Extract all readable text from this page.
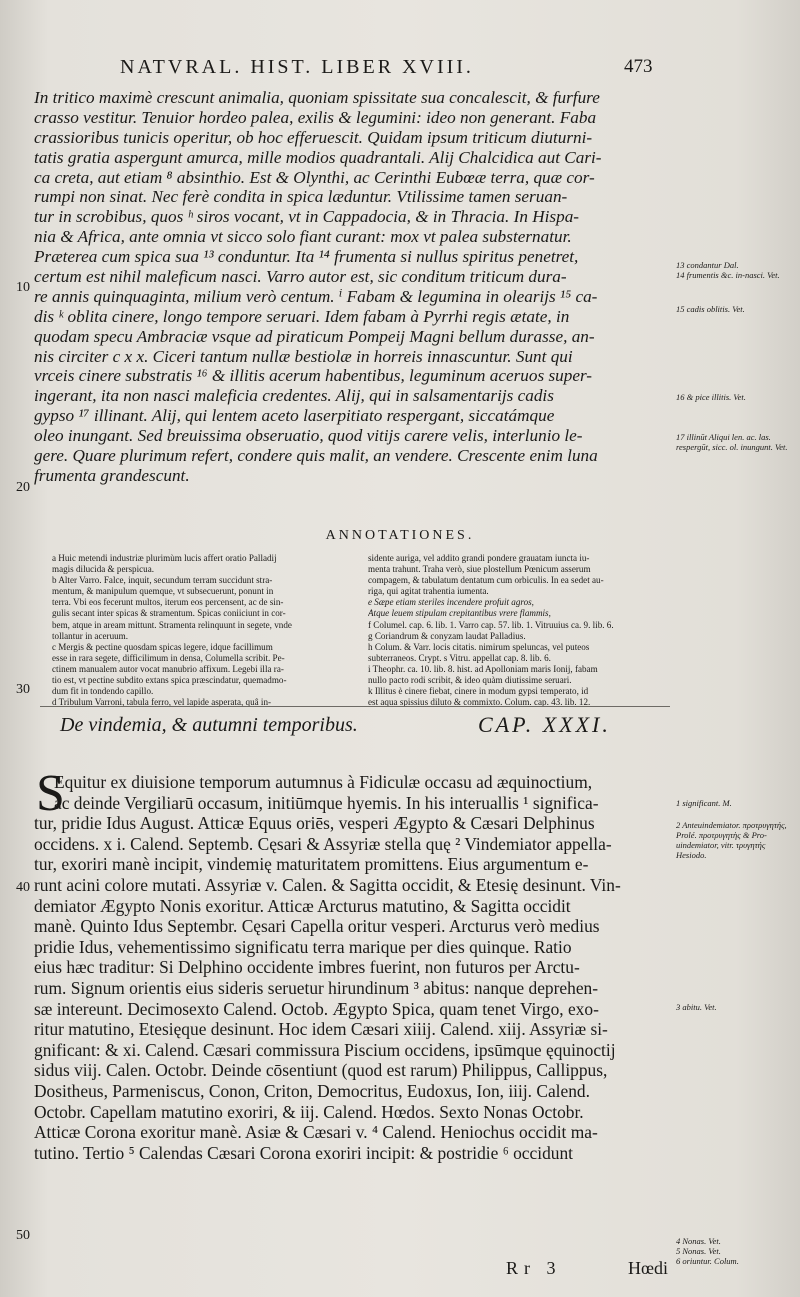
NATVRAL. HIST. LIBER XVIII.	473
In tritico maximè crescunt animalia, quoniam spissitate sua concalescit, & furfure
crasso vestitur. Tenuior hordeo palea, exilis & legumini: ideo non generant. Faba
crassioribus tunicis operitur, ob hoc efferuescit. Quidam ipsum triticum diuturni-
tatis gratia aspergunt amurca, mille modios quadrantali. Alij Chalcidica aut Cari-
ca creta, aut etiam ⁸ absinthio. Est & Olynthi, ac Cerinthi Eubœæ terra, quæ cor-
rumpi non sinat. Nec ferè condita in spica læduntur. Vtilissime tamen seruan-
tur in scrobibus, quos ʰ siros vocant, vt in Cappadocia, & in Thracia. In Hispa-
nia & Africa, ante omnia vt sicco solo fiant curant: mox vt palea substernatur.
Præterea cum spica sua ¹³ conduntur. Ita ¹⁴ frumenta si nullus spiritus penetret,
certum est nihil maleficum nasci. Varro autor est, sic conditum triticum dura-
re annis quinquaginta, milium verò centum. ⁱ Fabam & legumina in olearijs ¹⁵ ca-
dis ᵏ oblita cinere, longo tempore seruari. Idem fabam à Pyrrhi regis ætate, in
quodam specu Ambraciæ vsque ad piraticum Pompeij Magni bellum durasse, an-
nis circiter c x x. Ciceri tantum nullæ bestiolæ in horreis innascuntur. Sunt qui
vrceis cinere substratis ¹⁶ & illitis acerum habentibus, leguminum aceruos super-
ingerant, ita non nasci maleficia credentes. Alij, qui in salsamentarijs cadis
gypso ¹⁷ illinant. Alij, qui lentem aceto laserpitiato respergant, siccatámque
oleo inungant. Sed breuissima obseruatio, quod vitijs carere velis, interlunio le-
gere. Quare plurimum refert, condere quis malit, an vendere. Crescente enim luna
frumenta grandescunt.
10
20
30
40
50
13 condantur Dal.
14 frumentis &c. in-nasci. Vet.
15 cadis oblitis. Vet.
16 & pice illitis. Vet.
17 illinūt Aliqui len. ac. las. respergūt, sicc. ol. inungunt. Vet.
1 significant. M.
2 Anteuindemiator. προτρυγητής, Prolé. προτρυγητὴς & Pro-uindemiator, vitr. τρυγητής Hesiodo.
3 abitu. Vet.
4 Nonas. Vet.
5 Nonas. Vet.
6 oriuntur. Colum.
ANNOTATIONES.
a Huic metendi industriæ plurimùm lucis affert oratio Palladij
magis dilucida & perspicua.
b Alter Varro. Falce, inquit, secundum terram succidunt stra-
mentum, & manipulum quemque, vt subsecuerunt, ponunt in
terra. Vbi eos fecerunt multos, iterum eos percensent, ac de sin-
gulis secant inter spicas & stramentum. Spicas coniiciunt in cor-
bem, atque in aream mittunt. Stramenta relinquunt in segete, vnde
tollantur in aceruum.
c Mergis & pectine quosdam spicas legere, idque facillimum
esse in rara segete, difficilimum in densa, Columella scribit. Pe-
ctinem manualem autor vocat manubrio affixum. Legebi illa ra-
tio est, vt pectine subdito extans spica præscindatur, quemadmo-
dum fit in tondendo capillo.
d Tribulum Varroni, tabula ferro, vel lapide asperata, quâ in-
sidente auriga, vel addito grandi pondere grauatam iuncta iu-
menta trahunt. Traha verò, siue plostellum Pœnicum asserum
compagem, & tabulatum dentatum cum orbiculis. In ea sedet au-
riga, qui agitat trahentia iumenta.
e Sæpe etiam steriles incendere profuit agros,
Atque leuem stipulam crepitantibus vrere flammis,
f Columel. cap. 6. lib. 1. Varro cap. 57. lib. 1. Vitruuius ca. 9. lib. 6.
g Coriandrum & conyzam laudat Palladius.
h Colum. & Varr. locis citatis. nimirum speluncas, vel puteos
subterraneos. Crypt. s Vitru. appellat cap. 8. lib. 6.
i Theophr. ca. 10. lib. 8. hist. ad Apolloniam maris Ionij, fabam
nullo pacto rodi scribit, & ideo quàm diutissime seruari.
k Illitus è cinere fiebat, cinere in modum gypsi temperato, id
est aqua spissius diluto & commixto. Colum. cap. 43. lib. 12.
De vindemia, & autumni temporibus.	CAP. XXXI.
S
Equitur ex diuisione temporum autumnus à Fidiculæ occasu ad æquinoctium,
ac deinde Vergiliarū occasum, initiūmque hyemis. In his interuallis ¹ significa-
tur, pridie Idus August. Atticæ Equus oriēs, vesperi Ægypto & Cæsari Delphinus
occidens. x i. Calend. Septemb. Cęsari & Assyriæ stella quę ² Vindemiator appella-
tur, exoriri manè incipit, vindemię maturitatem promittens. Eius argumentum e-
runt acini colore mutati. Assyriæ v. Calen. & Sagitta occidit, & Etesię desinunt. Vin-
demiator Ægypto Nonis exoritur. Atticæ Arcturus matutino, & Sagitta occidit
manè. Quinto Idus Septembr. Cęsari Capella oritur vesperi. Arcturus verò medius
pridie Idus, vehementissimo significatu terra marique per dies quinque. Ratio
eius hæc traditur: Si Delphino occidente imbres fuerint, non futuros per Arctu-
rum. Signum orientis eius sideris seruetur hirundinum ³ abitus: nanque deprehen-
sæ intereunt. Decimosexto Calend. Octob. Ægypto Spica, quam tenet Virgo, exo-
ritur matutino, Etesięque desinunt. Hoc idem Cæsari xiiij. Calend. xiij. Assyriæ si-
gnificant: & xi. Calend. Cæsari commissura Piscium occidens, ipsūmque ęquinoctij
sidus viij. Calen. Octobr. Deinde cōsentiunt (quod est rarum) Philippus, Callippus,
Dositheus, Parmeniscus, Conon, Criton, Democritus, Eudoxus, Ion, iiij. Calend.
Octobr. Capellam matutino exoriri, & iij. Calend. Hœdos. Sexto Nonas Octobr.
Atticæ Corona exoritur manè. Asiæ & Cæsari v. ⁴ Calend. Heniochus occidit ma-
tutino. Tertio ⁵ Calendas Cæsari Corona exoriri incipit: & postridie ⁶ occidunt
Rr 3	Hœdi
